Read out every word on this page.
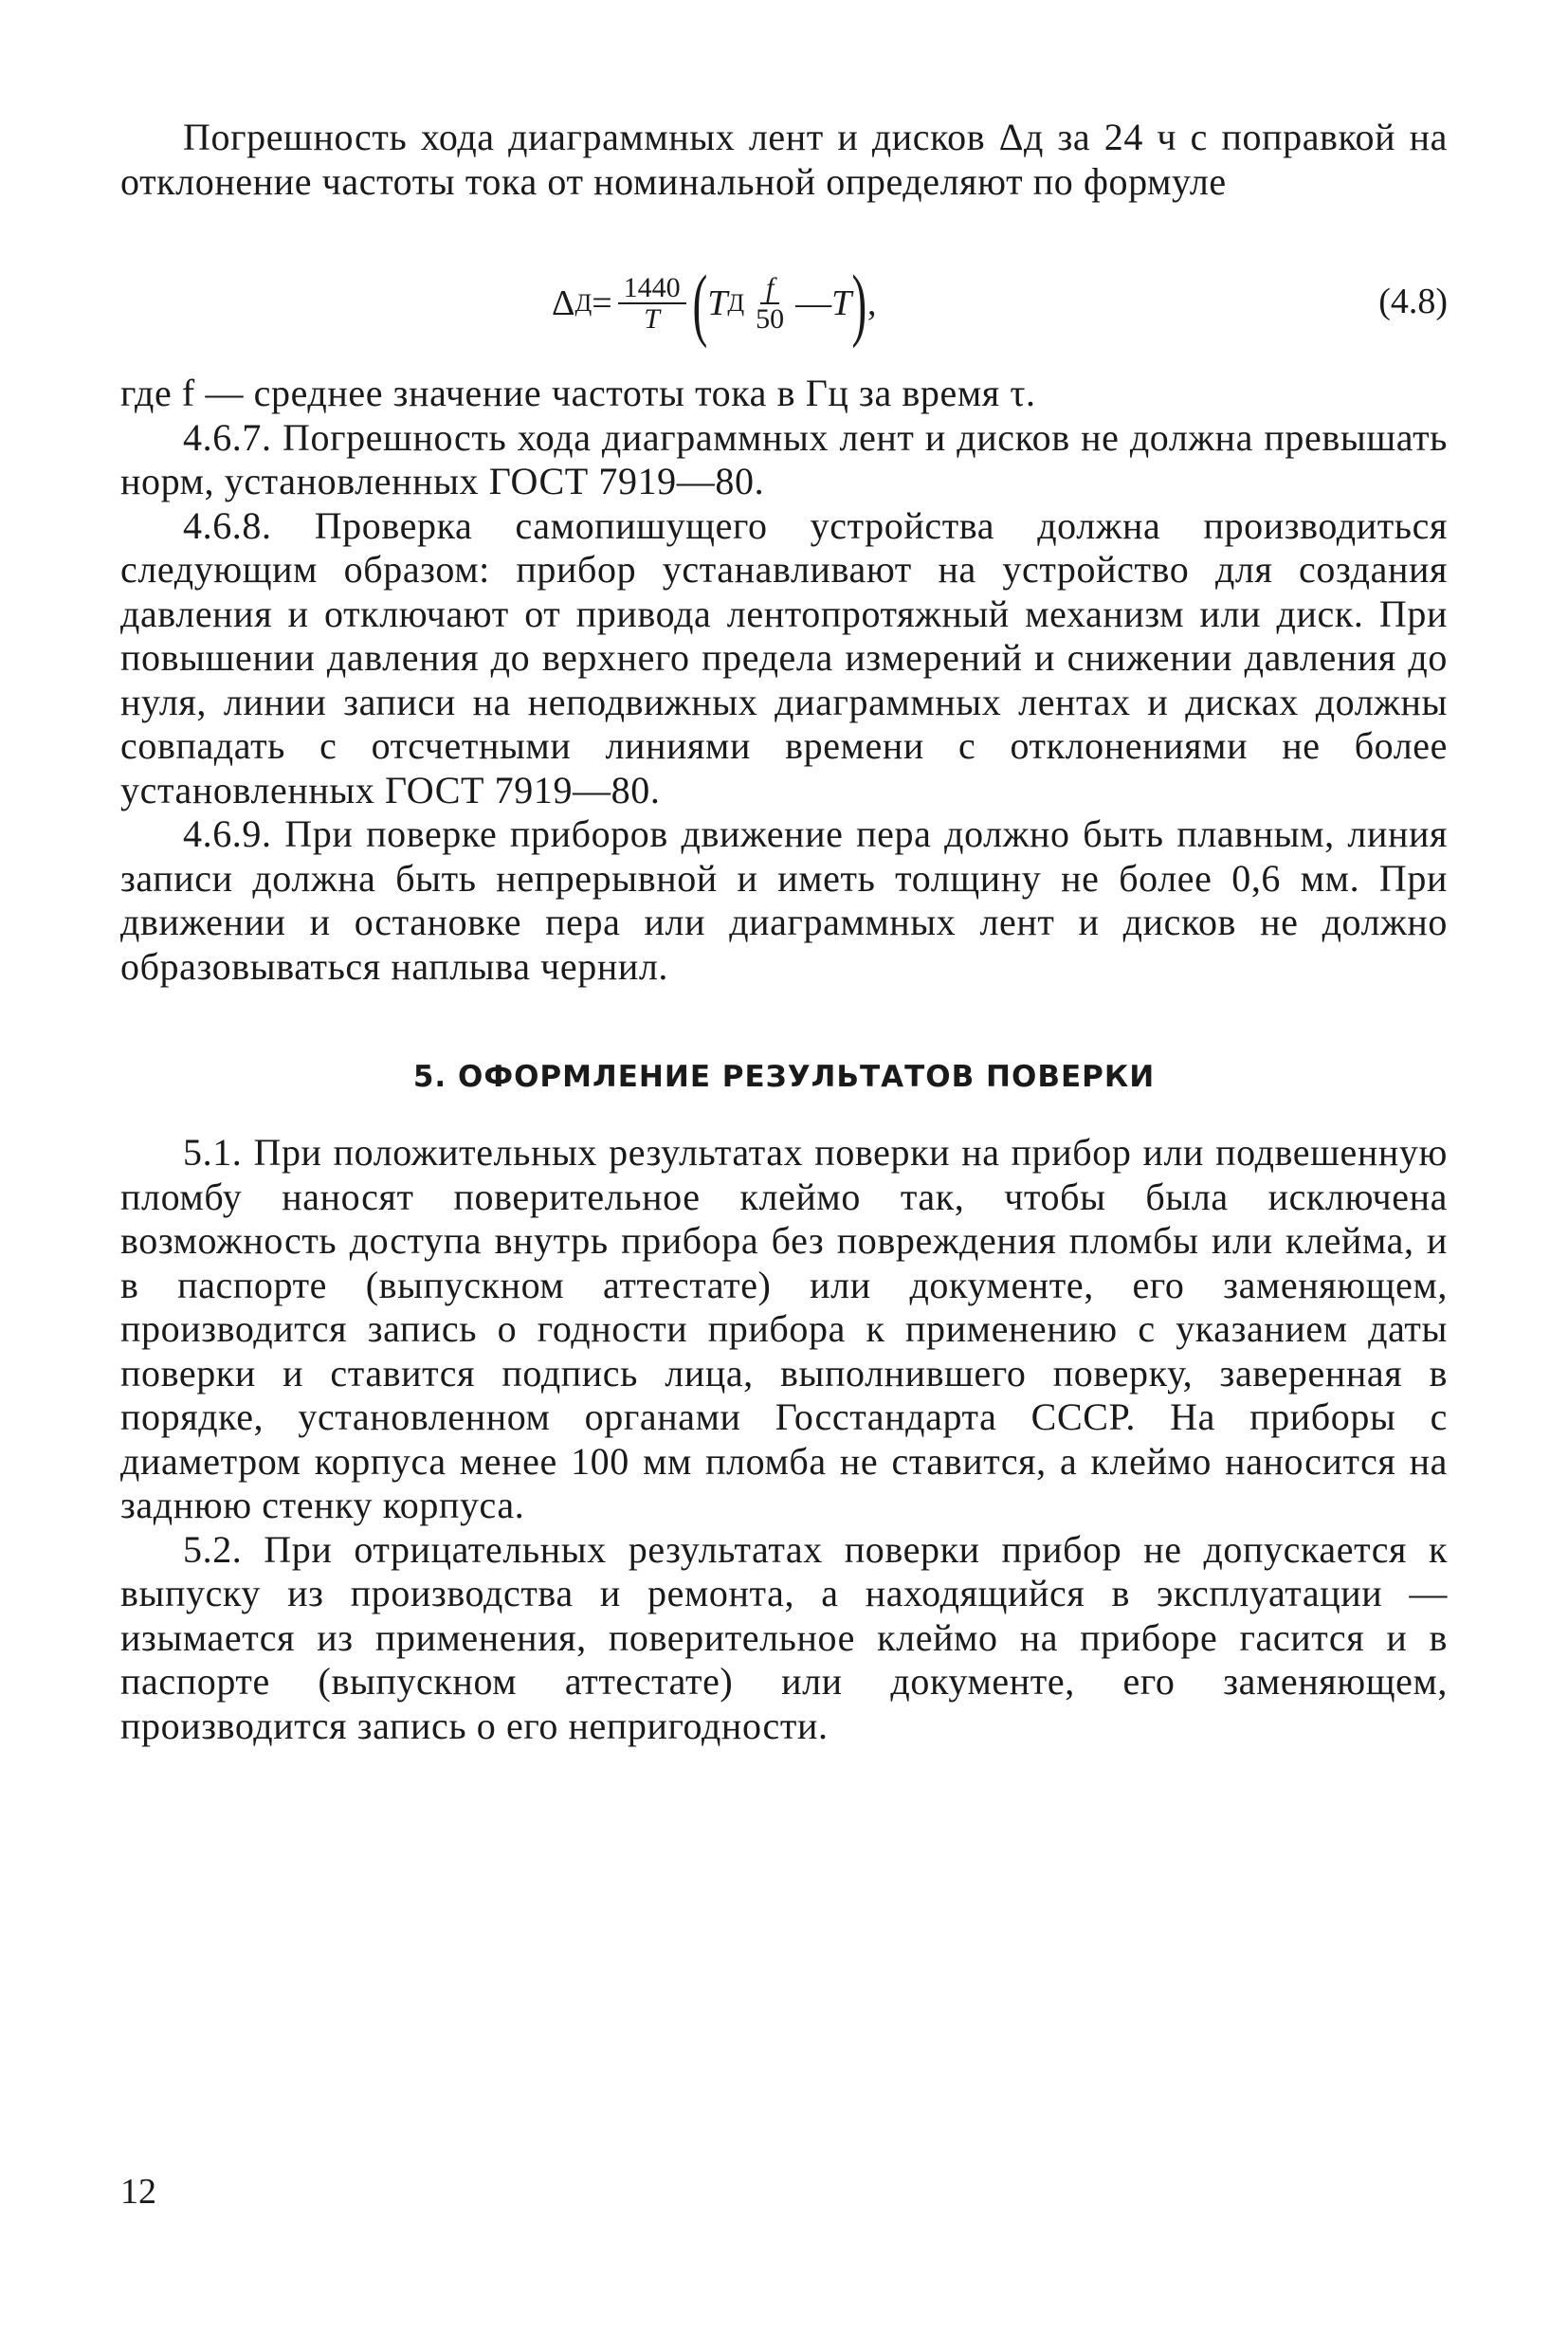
Погрешность хода диаграммных лент и дисков Δд за 24 ч с поправкой на отклонение частоты тока от номинальной определяют по формуле

Δ $Д = \frac{1440}{T}$ ( T Д $\frac{f}{50}$ — T ) ,	(4.8)

где f — среднее значение частоты тока в Гц за время τ.

4.6.7. Погрешность хода диаграммных лент и дисков не должна превышать норм, установленных ГОСТ 7919—80.

4.6.8. Проверка самопишущего устройства должна производиться следующим образом: прибор устанавливают на устройство для создания давления и отключают от привода лентопротяжный механизм или диск. При повышении давления до верхнего предела измерений и снижении давления до нуля, линии записи на неподвижных диаграммных лентах и дисках должны совпадать с отсчетными линиями времени с отклонениями не более установленных ГОСТ 7919—80.

4.6.9. При поверке приборов движение пера должно быть плавным, линия записи должна быть непрерывной и иметь толщину не более 0,6 мм. При движении и остановке пера или диаграммных лент и дисков не должно образовываться наплыва чернил.

5. ОФОРМЛЕНИЕ РЕЗУЛЬТАТОВ ПОВЕРКИ

5.1. При положительных результатах поверки на прибор или подвешенную пломбу наносят поверительное клеймо так, чтобы была исключена возможность доступа внутрь прибора без повреждения пломбы или клейма, и в паспорте (выпускном аттестате) или документе, его заменяющем, производится запись о годности прибора к применению с указанием даты поверки и ставится подпись лица, выполнившего поверку, заверенная в порядке, установленном органами Госстандарта СССР. На приборы с диаметром корпуса менее 100 мм пломба не ставится, а клеймо наносится на заднюю стенку корпуса.

5.2. При отрицательных результатах поверки прибор не допускается к выпуску из производства и ремонта, а находящийся в эксплуатации — изымается из применения, поверительное клеймо на приборе гасится и в паспорте (выпускном аттестате) или документе, его заменяющем, производится запись о его непригодности.

12
